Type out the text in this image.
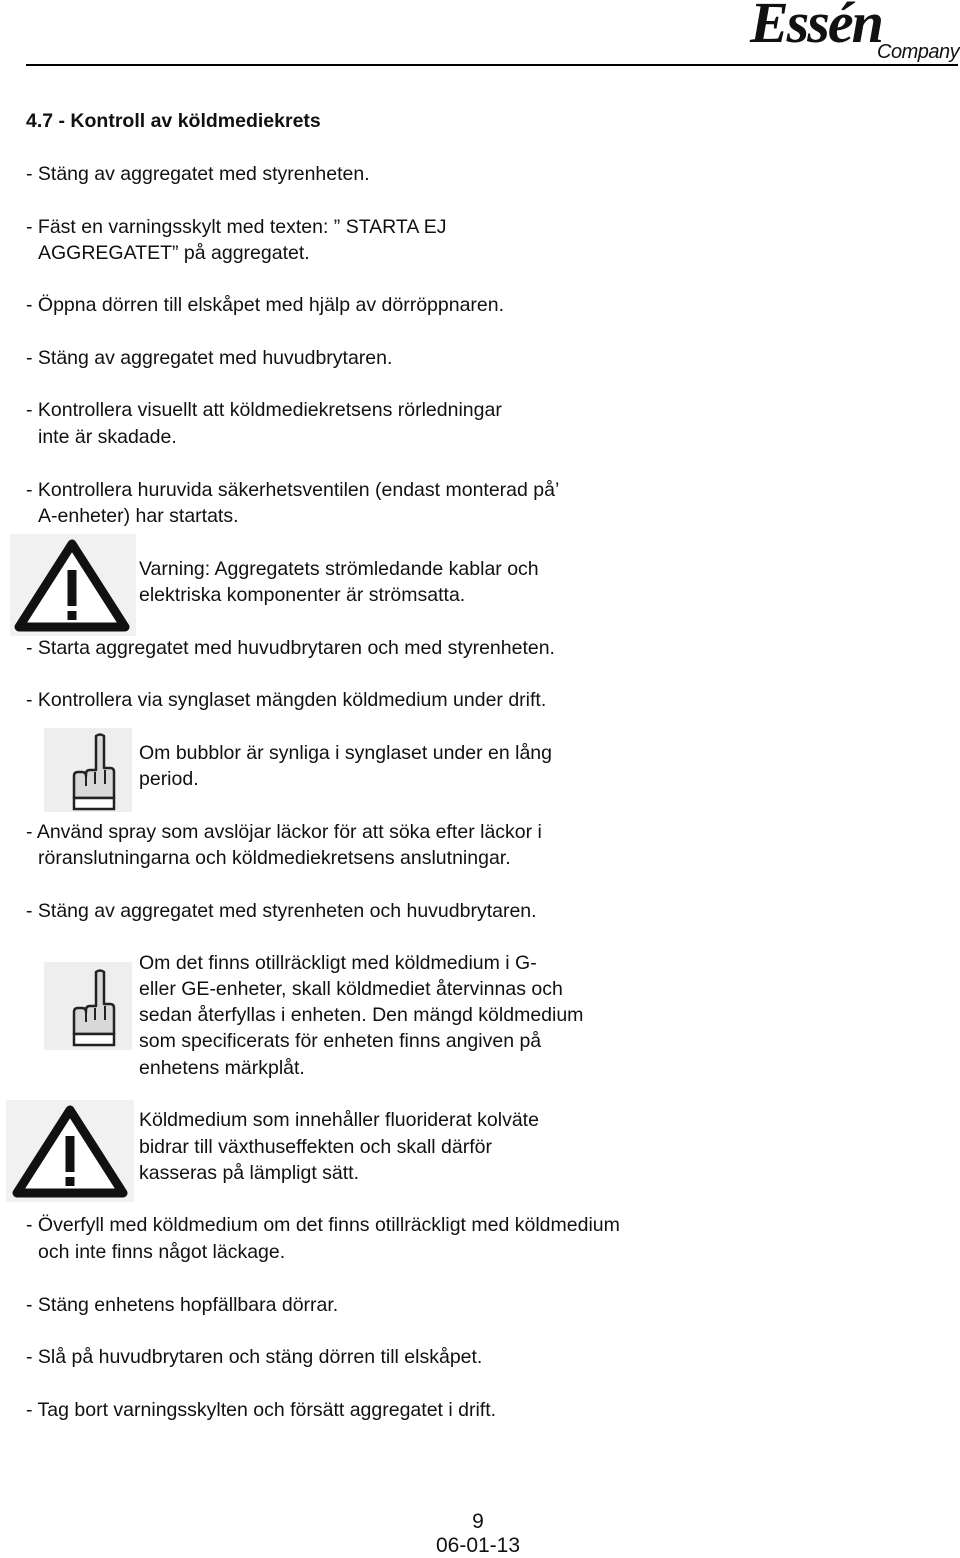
Essén
Company
4.7 - Kontroll av köldmediekrets
- Stäng av aggregatet med styrenheten.
- Fäst en varningsskylt med texten: ” STARTA EJ
AGGREGATET” på aggregatet.
- Öppna dörren till elskåpet med hjälp av dörröppnaren.
- Stäng av aggregatet med huvudbrytaren.
- Kontrollera visuellt att köldmediekretsens rörledningar
inte är skadade.
- Kontrollera huruvida säkerhetsventilen (endast monterad på’
A-enheter) har startats.
Varning: Aggregatets strömledande kablar och
elektriska komponenter är strömsatta.
- Starta aggregatet med huvudbrytaren och med styrenheten.
- Kontrollera via synglaset mängden köldmedium under drift.
Om bubblor är synliga i synglaset under en lång
period.
- Använd spray som avslöjar läckor för att söka efter läckor i
röranslutningarna och köldmediekretsens anslutningar.
- Stäng av aggregatet med styrenheten och huvudbrytaren.
Om det finns otillräckligt med köldmedium i G-
eller GE-enheter, skall köldmediet återvinnas och
sedan återfyllas i enheten. Den mängd köldmedium
som specificerats för enheten finns angiven på
enhetens märkplåt.
Köldmedium som innehåller fluoriderat kolväte
bidrar till växthuseffekten och skall därför
kasseras på lämpligt sätt.
- Överfyll med köldmedium om det finns otillräckligt med köldmedium
och inte finns något läckage.
- Stäng enhetens hopfällbara dörrar.
- Slå på huvudbrytaren och stäng dörren till elskåpet.
- Tag bort varningsskylten och försätt aggregatet i drift.
9
06-01-13
